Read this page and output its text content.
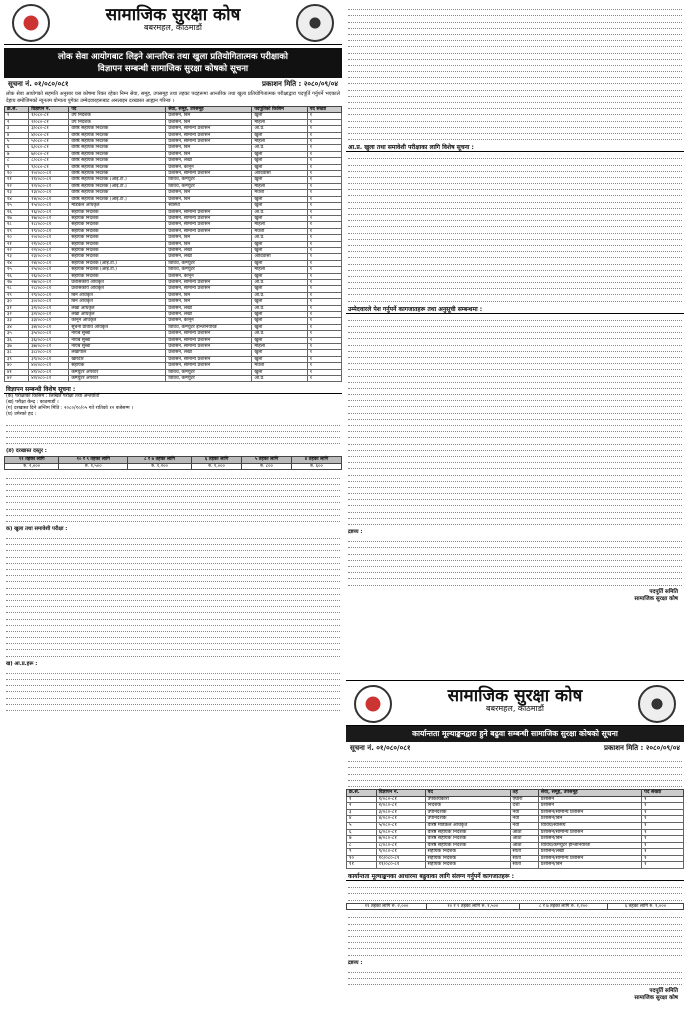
सामाजिक सुरक्षा कोष
बबरमहल, काठमाडौं
लोक सेवा आयोगबाट लिइने आन्तरिक तथा खुला प्रतियोगितात्मक परीक्षाको
विज्ञापन सम्बन्धी सामाजिक सुरक्षा कोषको सूचना
सूचना नं. ०१/०८०/०८१	प्रकाशन मिति : २०८०/०९/०४
लोक सेवा आयोगको सहमति अनुसार यस कोषमा रिक्त रहेका निम्न सेवा, समूह, उपसमूह तथा तहका पदहरूमा आन्तरिक तथा खुला प्रतियोगितात्मक परीक्षाद्वारा पदपूर्ति गर्नुपर्ने भएकाले देहाय बमोजिमको न्यूनतम योग्यता पुगेका उम्मेदवारहरूबाट अनलाइन दरखास्त आह्वान गरिन्छ ।
क्र.सं.	विज्ञापन नं.	पद	सेवा, समूह, उपसमूह	पदपूर्तिको किसिम	पद संख्या
१	१/०८०-८१	उप निर्देशक	प्रशासन, बिन	खुला	१
२	२/०८०-८१	उप निर्देशक	प्रशासन, बिन	महिला	१
३	३/०८०-८१	वरिष्ठ सहायक निर्देशक	प्रशासन, सामान्य प्रशासन	आ.प्र.	१
४	४/०८०-८१	वरिष्ठ सहायक निर्देशक	प्रशासन, सामान्य प्रशासन	खुला	१
५	५/०८०-८१	वरिष्ठ सहायक निर्देशक	प्रशासन, सामान्य प्रशासन	महिला	१
६	६/०८०-८१	वरिष्ठ सहायक निर्देशक	प्रशासन, बिन	आ.प्र.	१
७	७/०८०-८१	वरिष्ठ सहायक निर्देशक	प्रशासन, बिन	खुला	१
८	८/०८०-८१	वरिष्ठ सहायक निर्देशक	प्रशासन, लेखा	खुला	१
९	९/०८०-८१	वरिष्ठ सहायक निर्देशक	प्रशासन, कानून	खुला	१
१०	१०/०८०-८१	वरिष्ठ सहायक निर्देशक	प्रशासन, सामान्य प्रशासन	आदिवासी	१
११	११/०८०-८१	वरिष्ठ सहायक निर्देशक (आई.टी.)	विविध, कम्प्युटर	खुला	१
१२	१२/०८०-८१	वरिष्ठ सहायक निर्देशक (आई.टी.)	विविध, कम्प्युटर	महिला	१
१३	१३/०८०-८१	वरिष्ठ सहायक निर्देशक	प्रशासन, बिन	मधेशी	१
१४	१४/०८०-८१	वरिष्ठ सहायक निर्देशक (आई.टी.)	प्रशासन, बिन	खुला	१
१५	१५/०८०-८१	मेडिकल अधिकृत	स्वास्थ्य	खुला	१
१६	१६/०८०-८१	सहायक निर्देशक	प्रशासन, सामान्य प्रशासन	आ.प्र.	१
१७	१७/०८०-८१	सहायक निर्देशक	प्रशासन, सामान्य प्रशासन	खुला	२
१८	१८/०८०-८१	सहायक निर्देशक	प्रशासन, सामान्य प्रशासन	महिला	१
१९	१९/०८०-८१	सहायक निर्देशक	प्रशासन, सामान्य प्रशासन	मधेशी	१
२०	२०/०८०-८१	सहायक निर्देशक	प्रशासन, बिन	आ.प्र.	१
२१	२१/०८०-८१	सहायक निर्देशक	प्रशासन, बिन	खुला	१
२२	२२/०८०-८१	सहायक निर्देशक	प्रशासन, लेखा	खुला	१
२३	२३/०८०-८१	सहायक निर्देशक	प्रशासन, लेखा	आदिवासी	१
२४	२४/०८०-८१	सहायक निर्देशक (आई.टी.)	विविध, कम्प्युटर	खुला	१
२५	२५/०८०-८१	सहायक निर्देशक (आई.टी.)	विविध, कम्प्युटर	महिला	१
२६	२६/०८०-८१	सहायक निर्देशक	प्रशासन, कानून	खुला	१
२७	२७/०८०-८१	प्रशासकीय अधिकृत	प्रशासन, सामान्य प्रशासन	आ.प्र.	१
२८	२८/०८०-८१	प्रशासकीय अधिकृत	प्रशासन, सामान्य प्रशासन	खुला	१
२९	२९/०८०-८१	बिन अधिकृत	प्रशासन, बिन	आ.प्र.	१
३०	३०/०८०-८१	बिन अधिकृत	प्रशासन, बिन	खुला	१
३१	३१/०८०-८१	लेखा अधिकृत	प्रशासन, लेखा	आ.प्र.	१
३२	३२/०८०-८१	लेखा अधिकृत	प्रशासन, लेखा	खुला	१
३३	३३/०८०-८१	कानून अधिकृत	प्रशासन, कानून	खुला	१
३४	३४/०८०-८१	सूचना प्रविधि अधिकृत	विविध, कम्प्युटर इन्जिनियरिङ	खुला	१
३५	३५/०८०-८१	नायब सुब्बा	प्रशासन, सामान्य प्रशासन	आ.प्र.	१
३६	३६/०८०-८१	नायब सुब्बा	प्रशासन, सामान्य प्रशासन	खुला	२
३७	३७/०८०-८१	नायब सुब्बा	प्रशासन, सामान्य प्रशासन	महिला	१
३८	३८/०८०-८१	लेखापाल	प्रशासन, लेखा	खुला	१
३९	३९/०८०-८१	खरिदार	प्रशासन, सामान्य प्रशासन	खुला	१
४०	४०/०८०-८१	सहायक	प्रशासन, सामान्य प्रशासन	मधेशी	१
४१	४१/०८०-८१	कम्प्युटर अपरेटर	विविध, कम्प्युटर	खुला	१
४२	४२/०८०-८१	कम्प्युटर अपरेटर	विविध, कम्प्युटर	आ.प्र.	१
विज्ञापन सम्बन्धी विशेष सूचना :
(क) परीक्षाको किसिम : लिखित परीक्षा तथा अन्तर्वार्ता
(ख) परीक्षा केन्द्र : काठमाडौं ।
(ग) दरखास्त दिने अन्तिम मिति : २०८०/१०/०५ गते रातिको १२ बजेसम्म ।
(घ) उमेरको हद :
(ङ) दरखास्त दस्तुर :
११ तहका लागि	१० र ९ तहका लागि	८ र ७ तहका लागि	६ तहका लागि	५ तहका लागि	४ तहका लागि
रु. २,०००	रु. १,५००	रु. १,२००	रु. १,०००	रु. ८००	रु. ६००
क) खुला तथा समावेशी परीक्षा :
ख) आ.प्र.हरू :
आ.प्र. खुला तथा समावेशी परीक्षाका लागि विशेष सूचना :
उम्मेदवारले पेश गर्नुपर्ने कागजातहरू तथा अनुसूची सम्बन्धमा :
द्रष्टव्य :
पदपूर्ति समिति
सामाजिक सुरक्षा कोष
सामाजिक सुरक्षा कोष
बबरमहल, काठमाडौं
कार्यान्तता मूल्याङ्कनद्वारा हुने बढुवा सम्बन्धी सामाजिक सुरक्षा कोषको सूचना
सूचना नं. ०१/०८०/०८१	प्रकाशन मिति : २०८०/०९/०४
क्र.सं.	विज्ञापन नं.	पद	तह	सेवा, समूह, उपसमूह	पद संख्या
१	१/०८०-८१	उपकार्यकारी	एघारौं	प्रशासन	१
२	२/०८०-८१	निर्देशक	दशौं	प्रशासन	१
३	३/०८०-८१	उपनिर्देशक	नवौं	प्रशासन/सामान्य प्रशासन	१
४	४/०८०-८१	उपनिर्देशक	नवौं	प्रशासन/बिन	१
५	५/०८०-८१	वरिष्ठ मेडिकल अधिकृत	नवौं	विविध/स्वास्थ्य	१
६	६/०८०-८१	वरिष्ठ सहायक निर्देशक	आठौं	प्रशासन/सामान्य प्रशासन	१
७	७/०८०-८१	वरिष्ठ सहायक निर्देशक	आठौं	प्रशासन/बिन	१
८	८/०८०-८१	वरिष्ठ सहायक निर्देशक	आठौं	विविध/कम्प्युटर इन्जिनियरिङ	१
९	९/०८०-८१	सहायक निर्देशक	सातौं	प्रशासन/लेखा	१
१०	१०/०८०-८१	सहायक निर्देशक	सातौं	प्रशासन/सामान्य प्रशासन	१
११	११/०८०-८१	सहायक निर्देशक	सातौं	प्रशासन/बिन	१
कार्यान्तता मूल्याङ्कनका आधारमा बढुवाका लागि संलग्न गर्नुपर्ने कागजातहरू :
११ तहका लागि रु. २,०००	१० र ९ तहका लागि रु. १,५००	८ र ७ तहका लागि रु. १,२००	६ तहका लागि रु. १,०००
द्रष्टव्य :
पदपूर्ति समिति
सामाजिक सुरक्षा कोष
